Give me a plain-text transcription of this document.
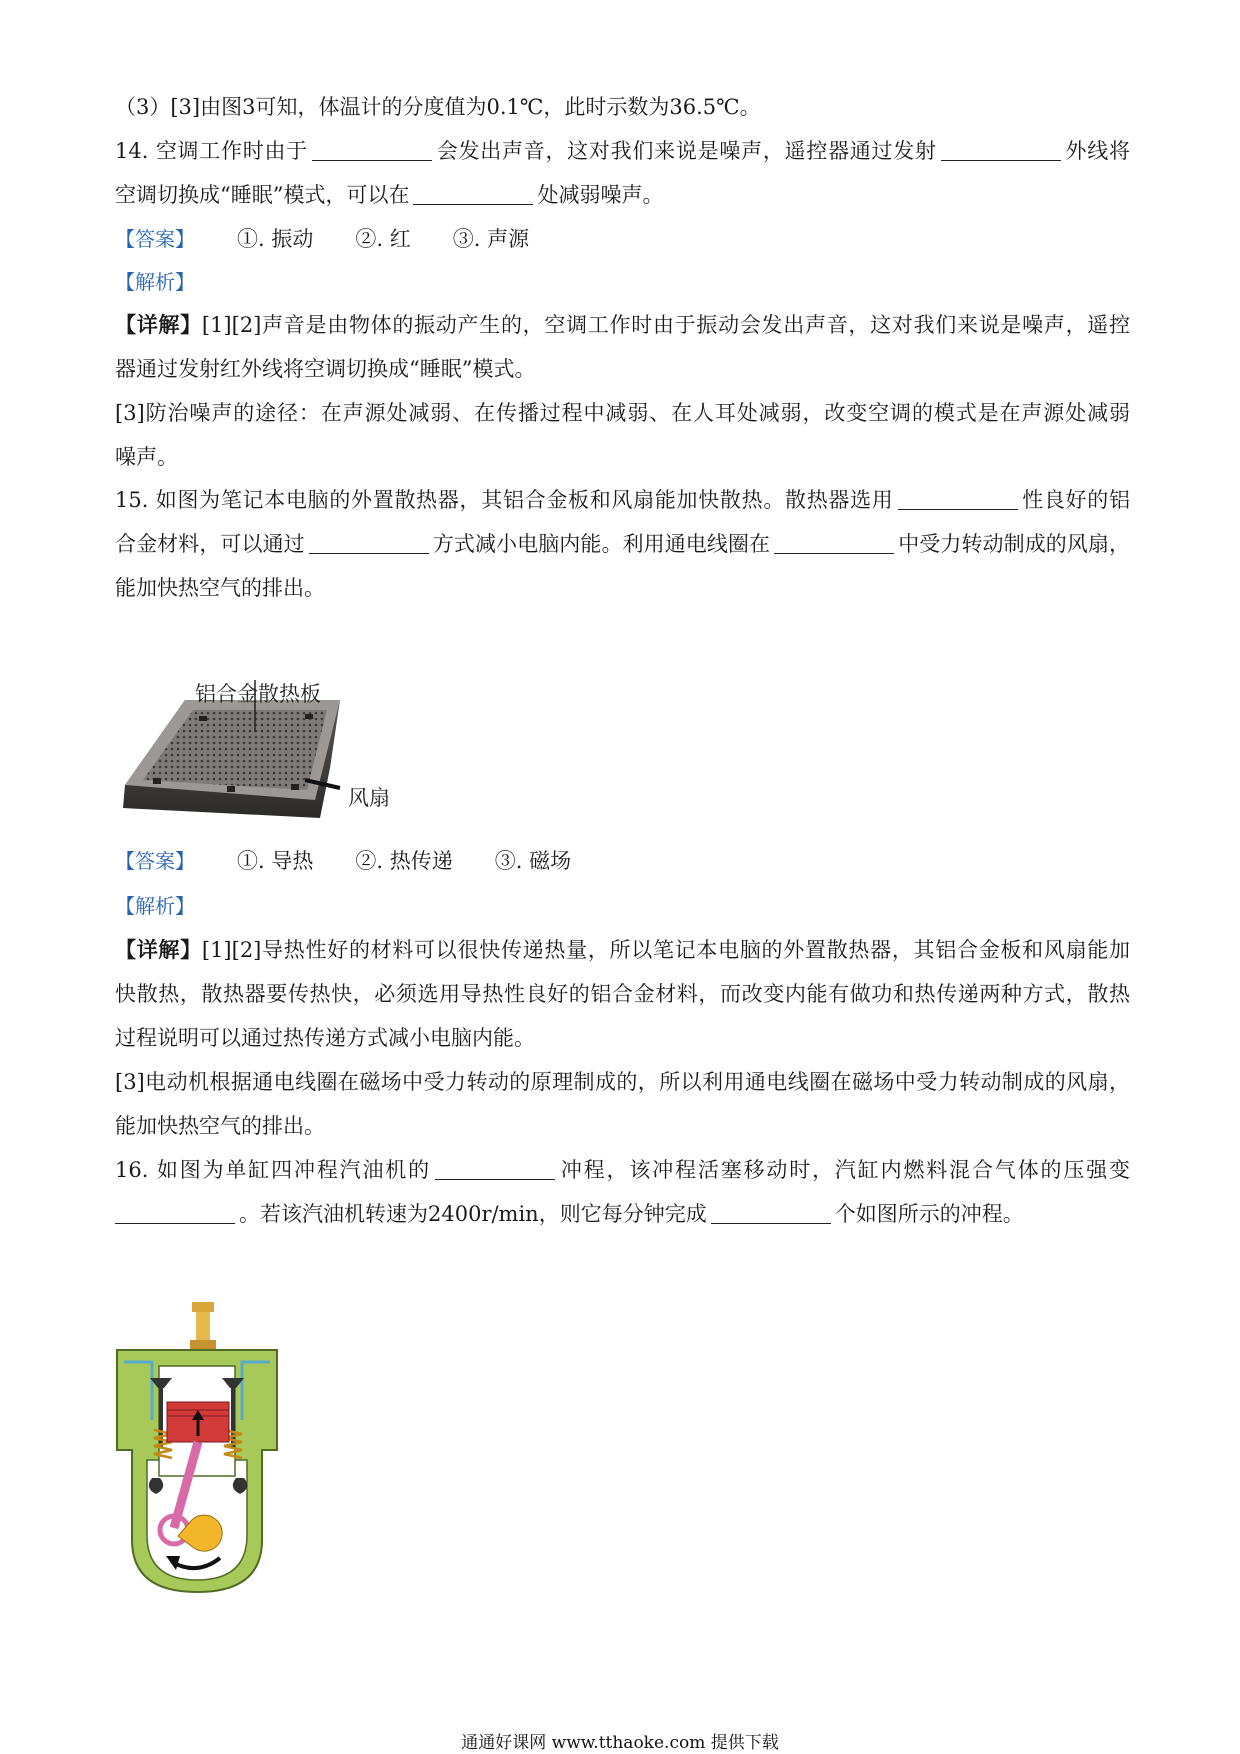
（3）[3]由图3可知，体温计的分度值为0.1℃，此时示数为36.5℃。
14. 空调工作时由于	会发出声音，这对我们来说是噪声，遥控器通过发射	外线将
空调切换成“睡眠”模式，可以在	处减弱噪声。
【答案】 ①. 振动 ②. 红 ③. 声源
【解析】
【详解】[1][2]声音是由物体的振动产生的，空调工作时由于振动会发出声音，这对我们来说是噪声，遥控
器通过发射红外线将空调切换成“睡眠”模式。
[3]防治噪声的途径：在声源处减弱、在传播过程中减弱、在人耳处减弱，改变空调的模式是在声源处减弱
噪声。
15. 如图为笔记本电脑的外置散热器，其铝合金板和风扇能加快散热。散热器选用	性良好的铝
合金材料，可以通过	方式减小电脑内能。利用通电线圈在	中受力转动制成的风扇，
能加快热空气的排出。
铝合金散热板
风扇
【答案】 ①. 导热 ②. 热传递 ③. 磁场
【解析】
【详解】[1][2]导热性好的材料可以很快传递热量，所以笔记本电脑的外置散热器，其铝合金板和风扇能加
快散热，散热器要传热快，必须选用导热性良好的铝合金材料，而改变内能有做功和热传递两种方式，散热
过程说明可以通过热传递方式减小电脑内能。
[3]电动机根据通电线圈在磁场中受力转动的原理制成的，所以利用通电线圈在磁场中受力转动制成的风扇，
能加快热空气的排出。
16. 如图为单缸四冲程汽油机的	冲程，该冲程活塞移动时，汽缸内燃料混合气体的压强变
。若该汽油机转速为2400r/min，则它每分钟完成	个如图所示的冲程。
通通好课网 www.tthaoke.com 提供下载
